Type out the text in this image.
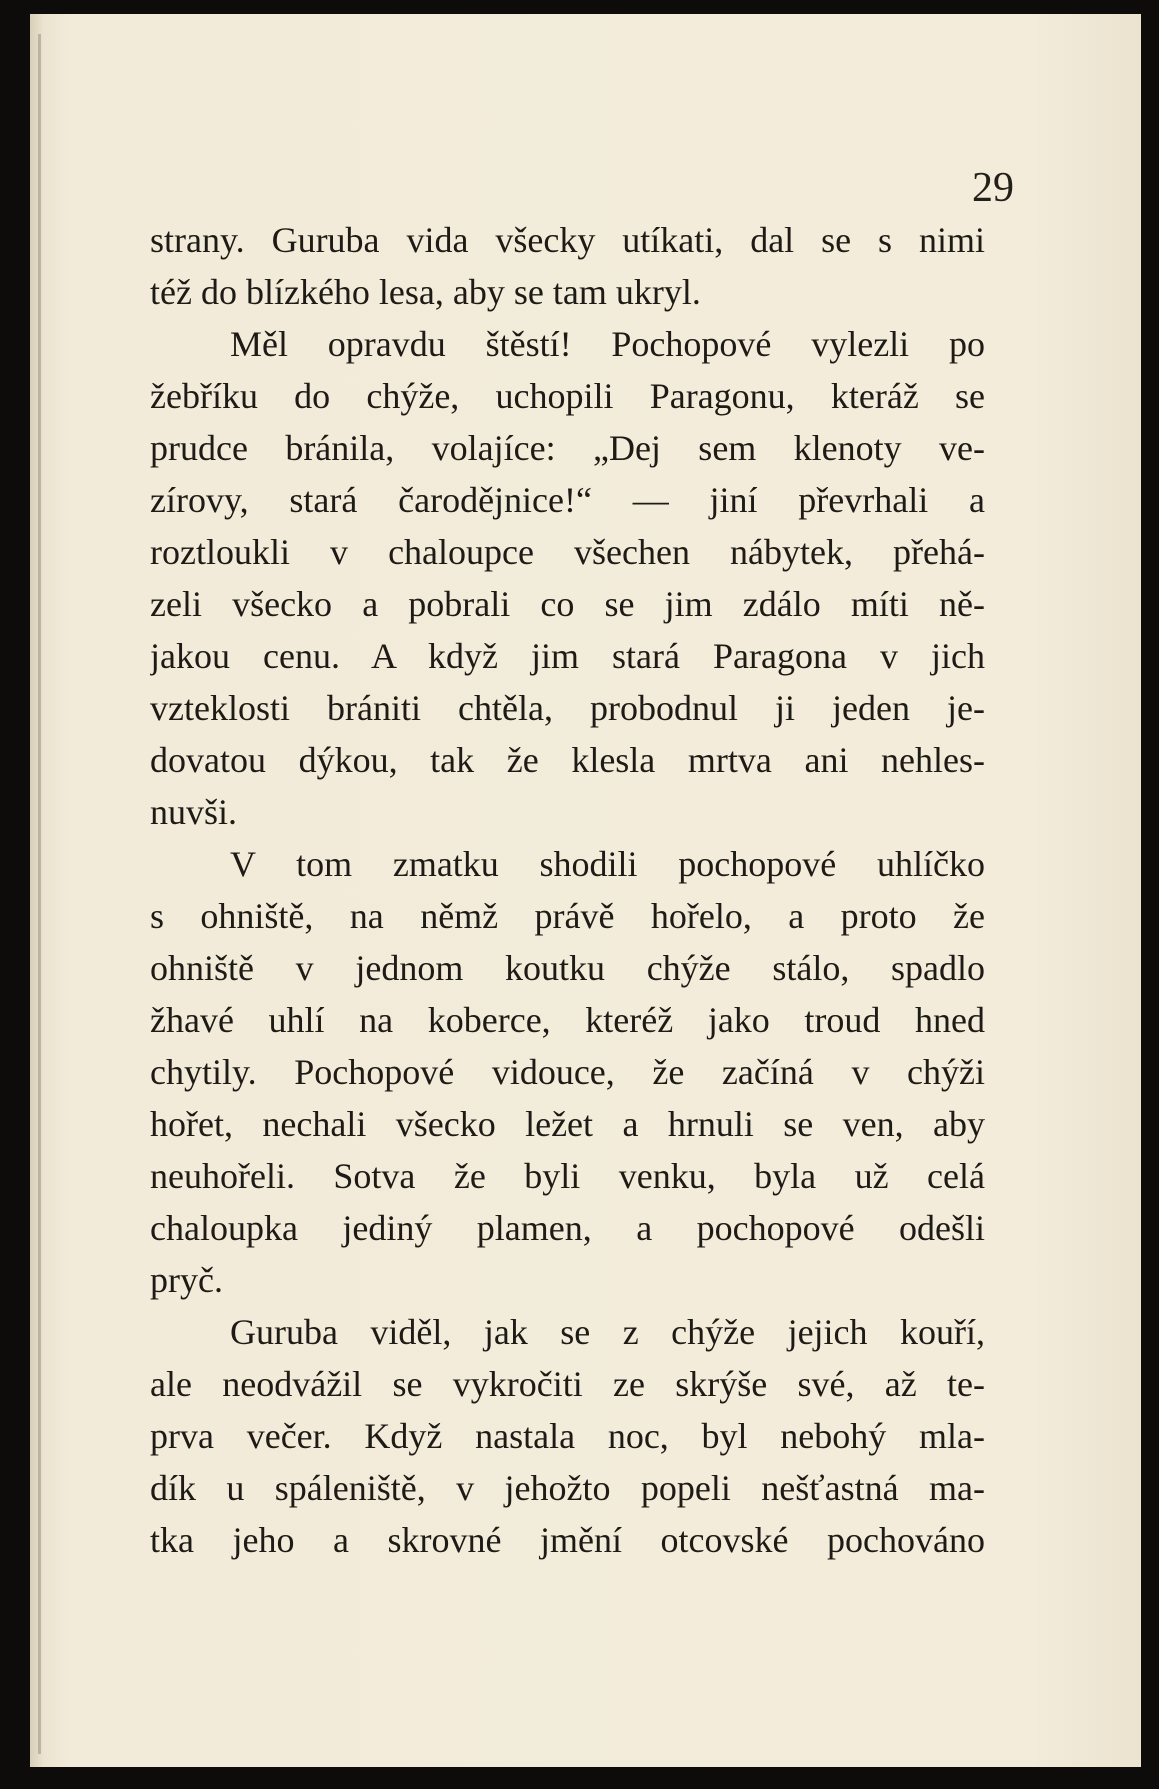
29

strany. Guruba vida všecky utíkati, dal se s nimi
též do blízkého lesa, aby se tam ukryl.
Měl opravdu štěstí! Pochopové vylezli po
žebříku do chýže, uchopili Paragonu, kteráž se
prudce bránila, volajíce: „Dej sem klenoty ve-
zírovy, stará čarodějnice!“ — jiní převrhali a
roztloukli v chaloupce všechen nábytek, přehá-
zeli všecko a pobrali co se jim zdálo míti ně-
jakou cenu. A když jim stará Paragona v jich
vzteklosti brániti chtěla, probodnul ji jeden je-
dovatou dýkou, tak že klesla mrtva ani nehles-
nuvši.
V tom zmatku shodili pochopové uhlíčko
s ohniště, na němž právě hořelo, a proto že
ohniště v jednom koutku chýže stálo, spadlo
žhavé uhlí na koberce, kteréž jako troud hned
chytily. Pochopové vidouce, že začíná v chýži
hořet, nechali všecko ležet a hrnuli se ven, aby
neuhořeli. Sotva že byli venku, byla už celá
chaloupka jediný plamen, a pochopové odešli
pryč.
Guruba viděl, jak se z chýže jejich kouří,
ale neodvážil se vykročiti ze skrýše své, až te-
prva večer. Když nastala noc, byl nebohý mla-
dík u spáleniště, v jehožto popeli nešťastná ma-
tka jeho a skrovné jmění otcovské pochováno
